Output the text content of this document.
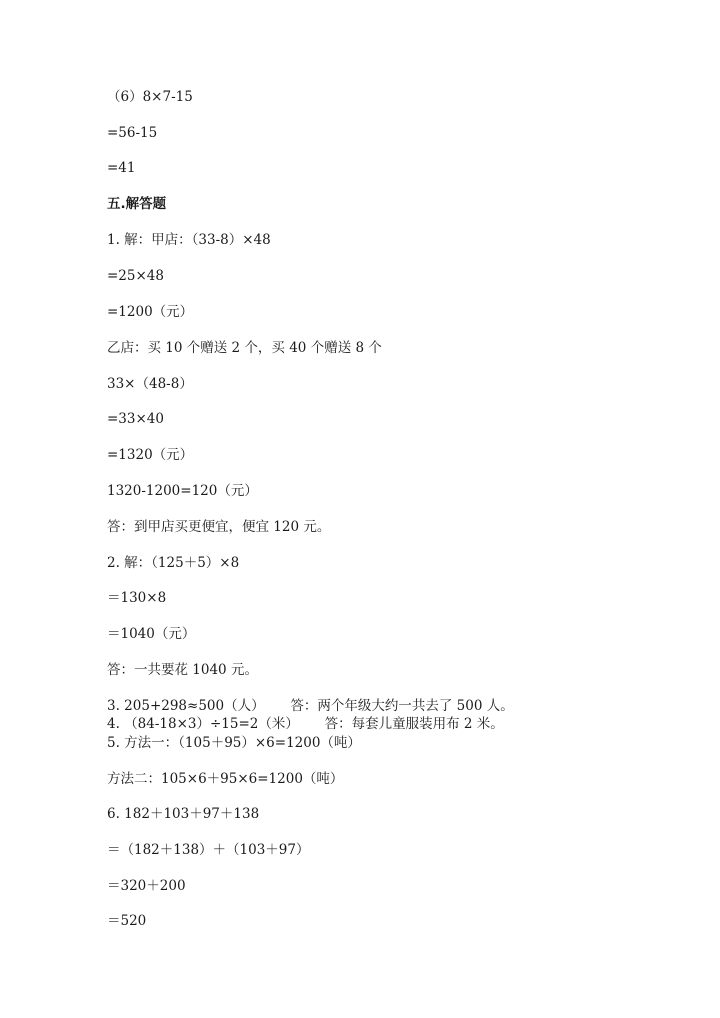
（6）8×7-15
=56-15
=41
五.解答题
1. 解：甲店：（33-8）×48
=25×48
=1200（元）
乙店：买 10 个赠送 2 个，买 40 个赠送 8 个
33×（48-8）
=33×40
=1320（元）
1320-1200=120（元）
答：到甲店买更便宜，便宜 120 元。
2. 解：（125＋5）×8
＝130×8
＝1040（元）
答：一共要花 1040 元。
3. 205+298≈500（人）      答：两个年级大约一共去了 500 人。
4. （84-18×3）÷15=2（米）      答：每套儿童服装用布 2 米。
5. 方法一：（105＋95）×6=1200（吨）
方法二：105×6＋95×6=1200（吨）
6. 182＋103＋97＋138
＝（182＋138）＋（103＋97）
＝320＋200
＝520
